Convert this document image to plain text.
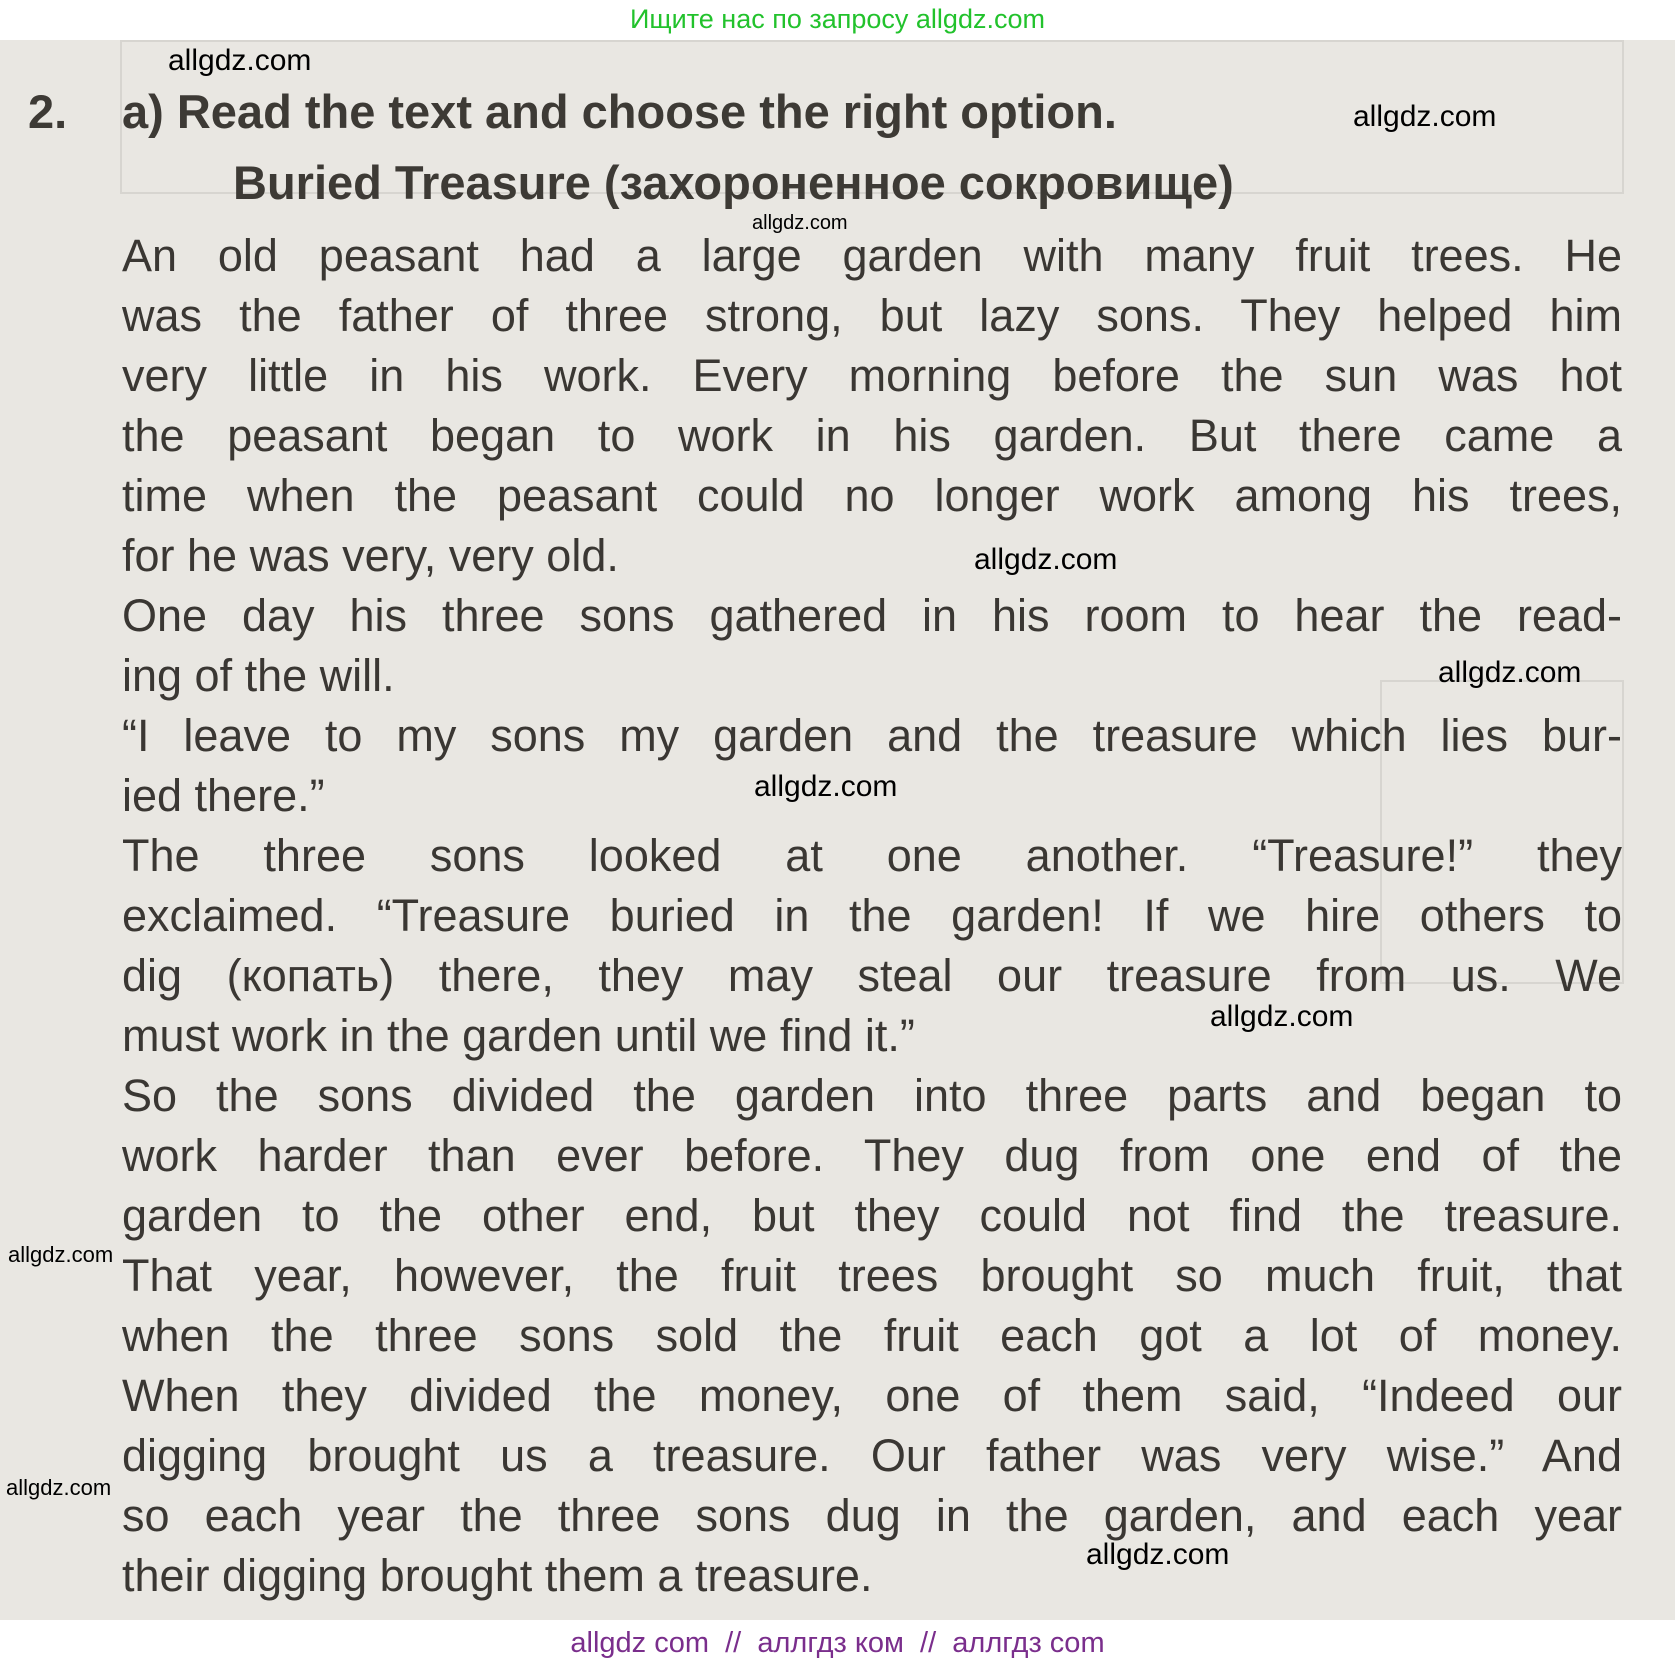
Ищите нас по запросу allgdz.com
2. a) Read the text and choose the right option.
Buried Treasure (захороненное сокровище)
An old peasant had a large garden with many fruit trees. He
was the father of three strong, but lazy sons. They helped him
very little in his work. Every morning before the sun was hot
the peasant began to work in his garden. But there came a
time when the peasant could no longer work among his trees,
for he was very, very old.
One day his three sons gathered in his room to hear the read-
ing of the will.
“I leave to my sons my garden and the treasure which lies bur-
ied there.”
The three sons looked at one another. “Treasure!” they
exclaimed. “Treasure buried in the garden! If we hire others to
dig (копать) there, they may steal our treasure from us. We
must work in the garden until we find it.”
So the sons divided the garden into three parts and began to
work harder than ever before. They dug from one end of the
garden to the other end, but they could not find the treasure.
That year, however, the fruit trees brought so much fruit, that
when the three sons sold the fruit each got a lot of money.
When they divided the money, one of them said, “Indeed our
digging brought us a treasure. Our father was very wise.” And
so each year the three sons dug in the garden, and each year
their digging brought them a treasure.
allgdz.com
allgdz.com
allgdz.com
allgdz.com
allgdz.com
allgdz.com
allgdz.com
allgdz.com
allgdz.com
allgdz.com
allgdz com  //  аллгдз ком  //  аллгдз com
